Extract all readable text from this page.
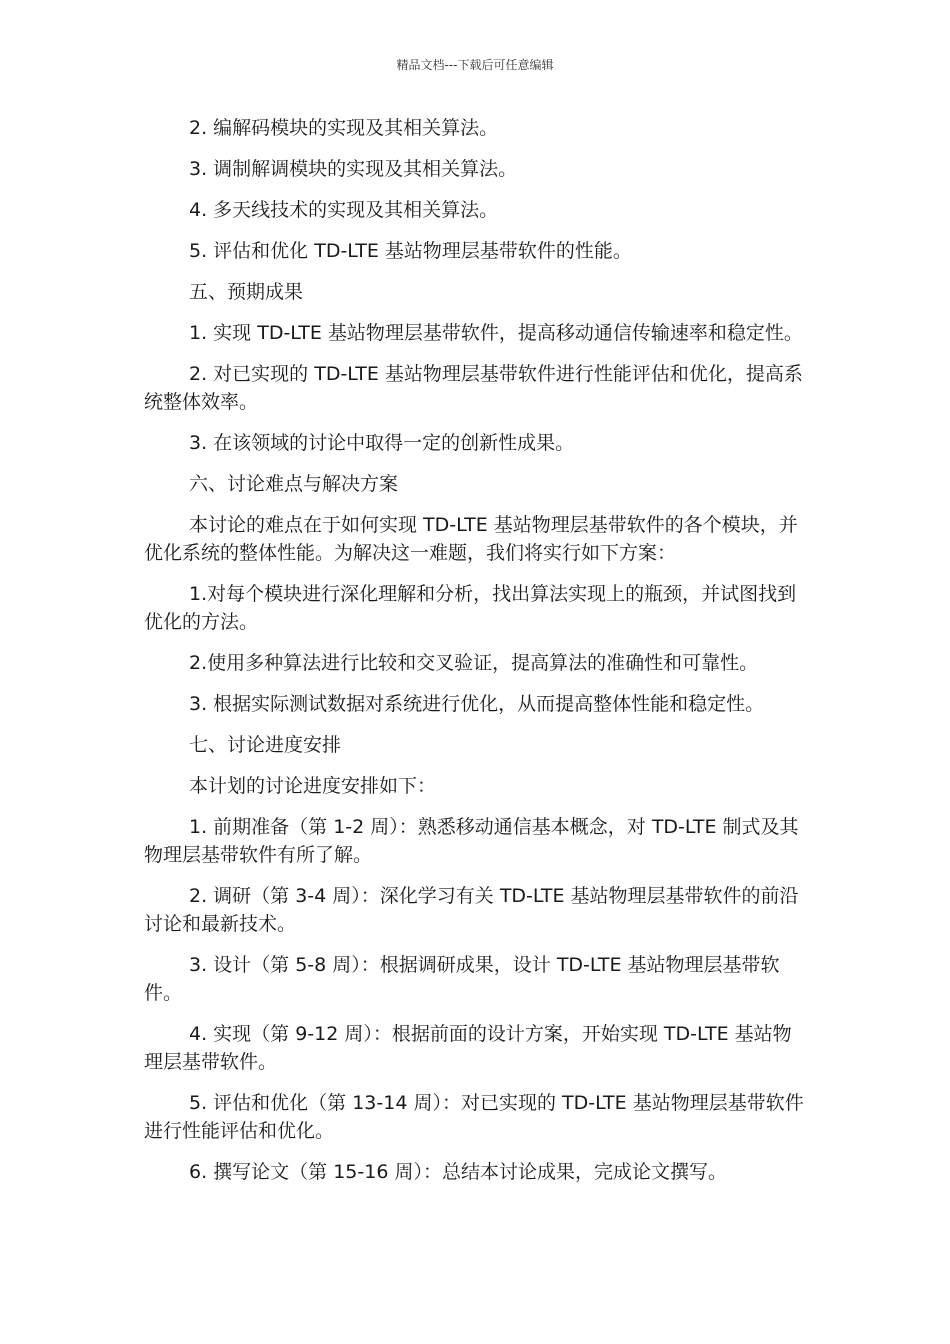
精品文档---下载后可任意编辑

2. 编解码模块的实现及其相关算法。

3. 调制解调模块的实现及其相关算法。

4. 多天线技术的实现及其相关算法。

5. 评估和优化 TD-LTE 基站物理层基带软件的性能。

五、预期成果

1. 实现 TD-LTE 基站物理层基带软件，提高移动通信传输速率和稳定性。

2. 对已实现的 TD-LTE 基站物理层基带软件进行性能评估和优化，提高系统整体效率。

3. 在该领域的讨论中取得一定的创新性成果。

六、讨论难点与解决方案

本讨论的难点在于如何实现 TD-LTE 基站物理层基带软件的各个模块，并优化系统的整体性能。为解决这一难题，我们将实行如下方案：

1.对每个模块进行深化理解和分析，找出算法实现上的瓶颈，并试图找到优化的方法。

2.使用多种算法进行比较和交叉验证，提高算法的准确性和可靠性。

3. 根据实际测试数据对系统进行优化，从而提高整体性能和稳定性。

七、讨论进度安排

本计划的讨论进度安排如下：

1. 前期准备（第 1-2 周）：熟悉移动通信基本概念，对 TD-LTE 制式及其物理层基带软件有所了解。

2. 调研（第 3-4 周）：深化学习有关 TD-LTE 基站物理层基带软件的前沿讨论和最新技术。

3. 设计（第 5-8 周）：根据调研成果，设计 TD-LTE 基站物理层基带软件。

4. 实现（第 9-12 周）：根据前面的设计方案，开始实现 TD-LTE 基站物理层基带软件。

5. 评估和优化（第 13-14 周）：对已实现的 TD-LTE 基站物理层基带软件进行性能评估和优化。

6. 撰写论文（第 15-16 周）：总结本讨论成果，完成论文撰写。
